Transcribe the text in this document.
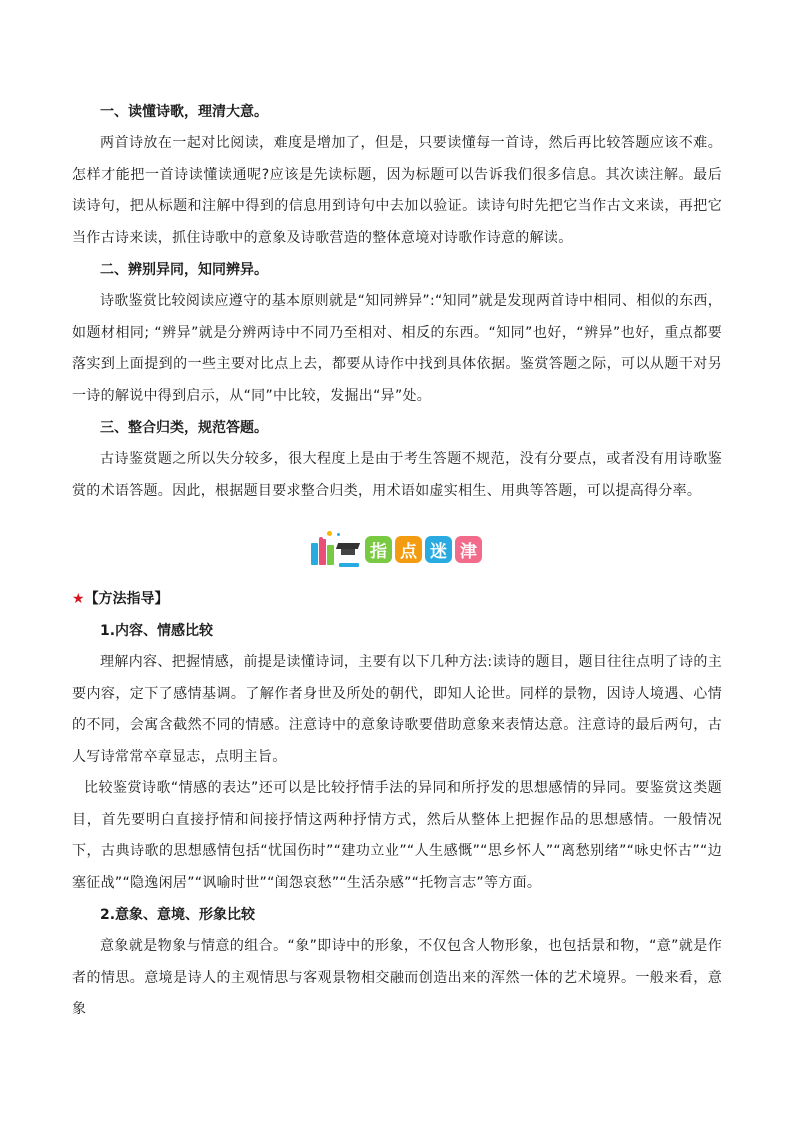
一、读懂诗歌，理清大意。

两首诗放在一起对比阅读，难度是增加了，但是，只要读懂每一首诗，然后再比较答题应该不难。怎样才能把一首诗读懂读通呢?应该是先读标题，因为标题可以告诉我们很多信息。其次读注解。最后读诗句，把从标题和注解中得到的信息用到诗句中去加以验证。读诗句时先把它当作古文来读，再把它当作古诗来读，抓住诗歌中的意象及诗歌营造的整体意境对诗歌作诗意的解读。

二、辨别异同，知同辨异。

诗歌鉴赏比较阅读应遵守的基本原则就是“知同辨异”:“知同”就是发现两首诗中相同、相似的东西，如题材相同; “辨异”就是分辨两诗中不同乃至相对、相反的东西。“知同”也好，“辨异”也好，重点都要落实到上面提到的一些主要对比点上去，都要从诗作中找到具体依据。鉴赏答题之际，可以从题干对另一诗的解说中得到启示，从“同”中比较，发掘出“异”处。

三、整合归类，规范答题。

古诗鉴赏题之所以失分较多，很大程度上是由于考生答题不规范，没有分要点，或者没有用诗歌鉴赏的术语答题。因此，根据题目要求整合归类，用术语如虚实相生、用典等答题，可以提高得分率。

指 点 迷 津
★【方法指导】
1.内容、情感比较

理解内容、把握情感，前提是读懂诗词，主要有以下几种方法:读诗的题目，题目往往点明了诗的主要内容，定下了感情基调。了解作者身世及所处的朝代，即知人论世。同样的景物，因诗人境遇、心情的不同，会寓含截然不同的情感。注意诗中的意象诗歌要借助意象来表情达意。注意诗的最后两句，古人写诗常常卒章显志，点明主旨。

比较鉴赏诗歌“情感的表达”还可以是比较抒情手法的异同和所抒发的思想感情的异同。要鉴赏这类题目，首先要明白直接抒情和间接抒情这两种抒情方式，然后从整体上把握作品的思想感情。一般情况下，古典诗歌的思想感情包括“忧国伤时”“建功立业”“人生感慨”“思乡怀人”“离愁别绪”“咏史怀古”“边塞征战”“隐逸闲居”“讽喻时世”“闺怨哀愁”“生活杂感”“托物言志”等方面。

2.意象、意境、形象比较

意象就是物象与情意的组合。“象”即诗中的形象，不仅包含人物形象，也包括景和物，“意”就是作者的情思。意境是诗人的主观情思与客观景物相交融而创造出来的浑然一体的艺术境界。一般来看，意象
